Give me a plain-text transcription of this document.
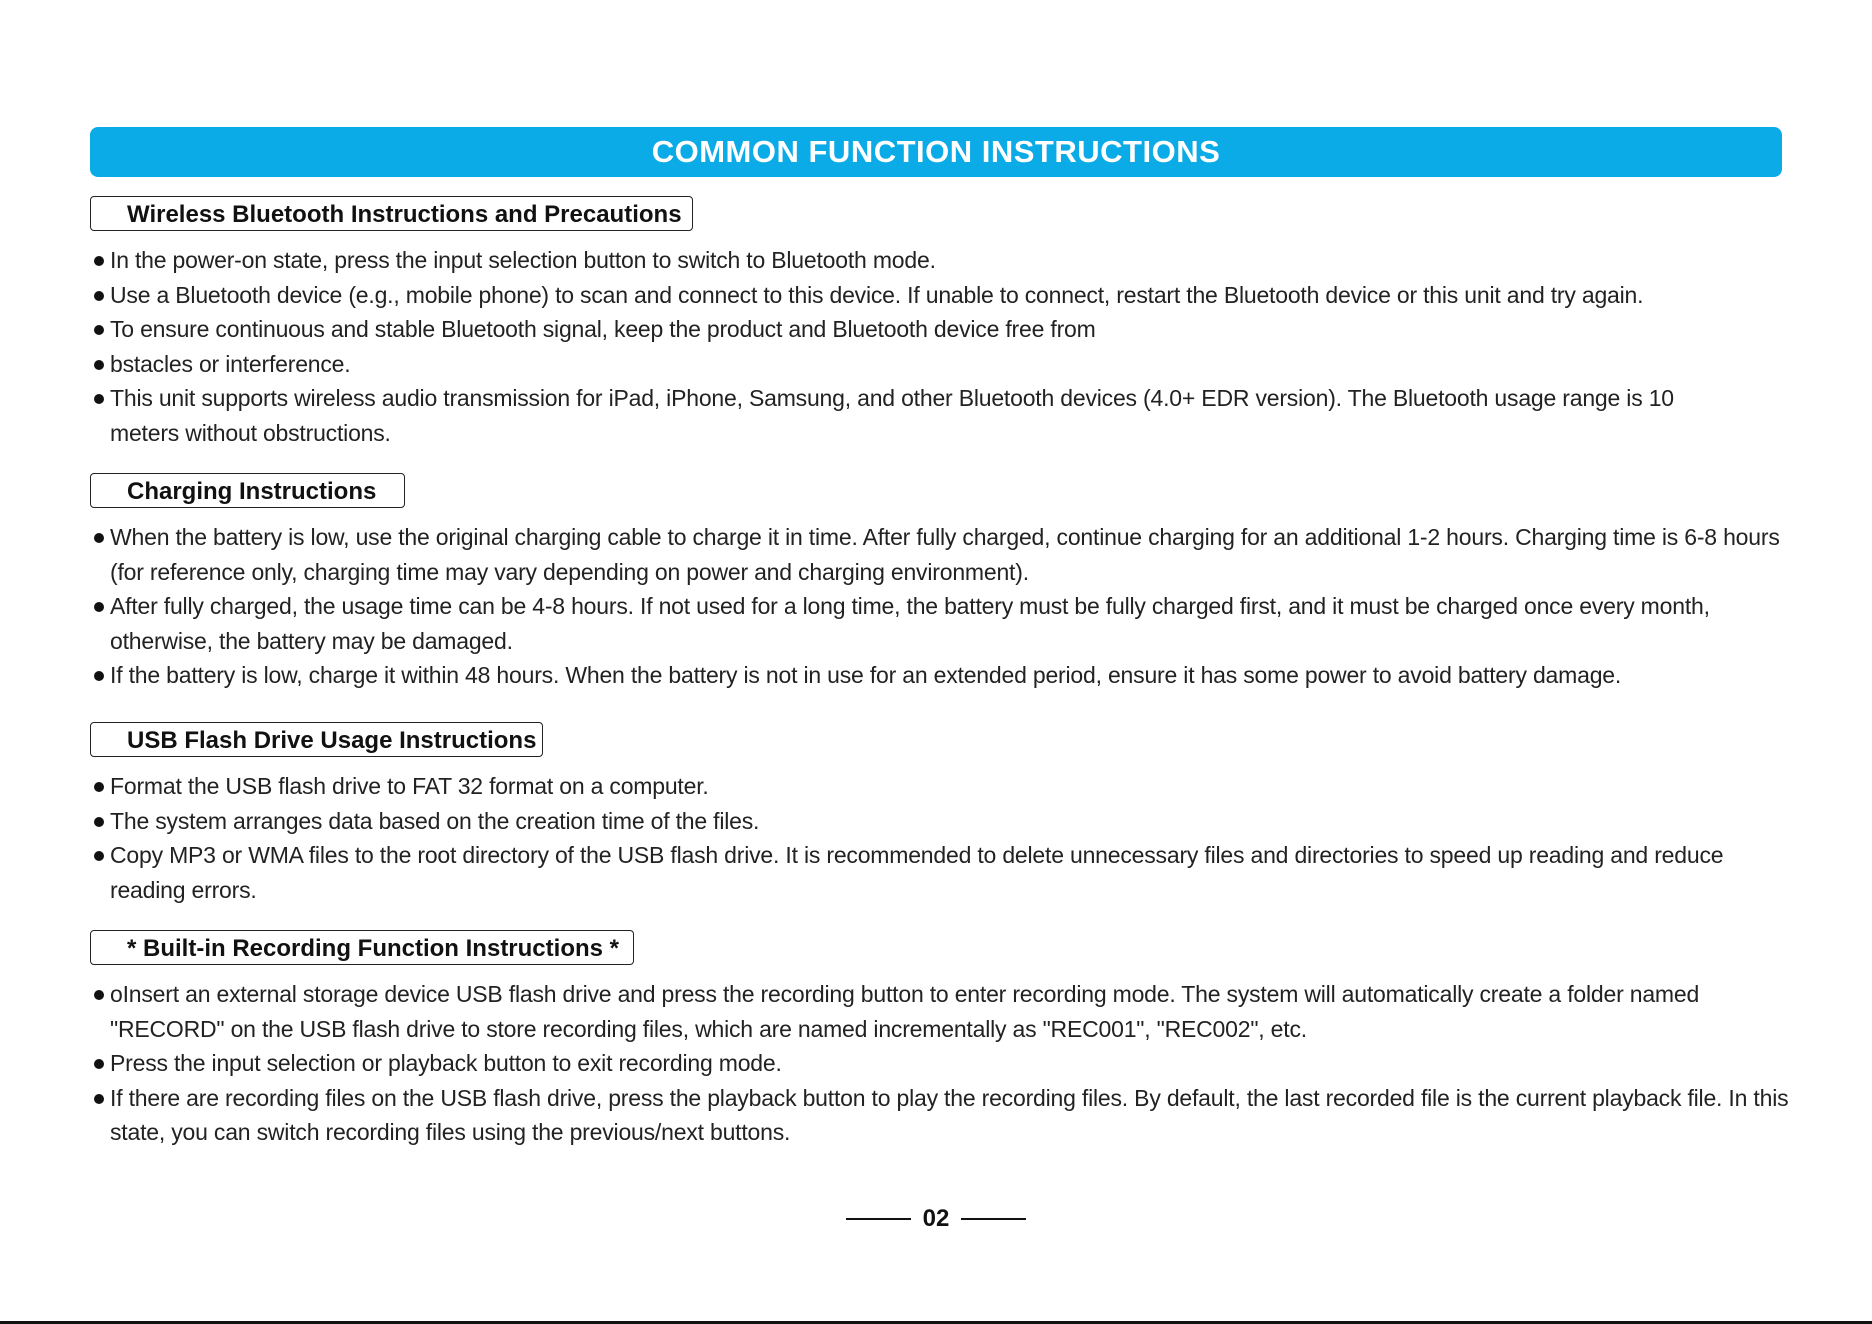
COMMON FUNCTION INSTRUCTIONS
Wireless Bluetooth Instructions and Precautions
In the power-on state, press the input selection button to switch to Bluetooth mode.
Use a Bluetooth device (e.g., mobile phone) to scan and connect to this device. If unable to connect, restart the Bluetooth device or this unit and try again.
To ensure continuous and stable Bluetooth signal, keep the product and Bluetooth device free from
bstacles or interference.
This unit supports wireless audio transmission for iPad, iPhone, Samsung, and other Bluetooth devices (4.0+ EDR version). The Bluetooth usage range is 10 meters without obstructions.
Charging Instructions
When the battery is low, use the original charging cable to charge it in time. After fully charged, continue charging for an additional 1-2 hours. Charging time is 6-8 hours (for reference only, charging time may vary depending on power and charging environment).
After fully charged, the usage time can be 4-8 hours. If not used for a long time, the battery must be fully charged first, and it must be charged once every month, otherwise, the battery may be damaged.
If the battery is low, charge it within 48 hours. When the battery is not in use for an extended period, ensure it has some power to avoid battery damage.
USB Flash Drive Usage Instructions
Format the USB flash drive to FAT 32 format on a computer.
The system arranges data based on the creation time of the files.
Copy MP3 or WMA files to the root directory of the USB flash drive. It is recommended to delete unnecessary files and directories to speed up reading and reduce reading errors.
* Built-in Recording Function Instructions *
oInsert an external storage device USB flash drive and press the recording button to enter recording mode. The system will automatically create a folder named "RECORD" on the USB flash drive to store recording files, which are named incrementally as "REC001", "REC002", etc.
Press the input selection or playback button to exit recording mode.
If there are recording files on the USB flash drive, press the playback button to play the recording files. By default, the last recorded file is the current playback file. In this state, you can switch recording files using the previous/next buttons.
02
